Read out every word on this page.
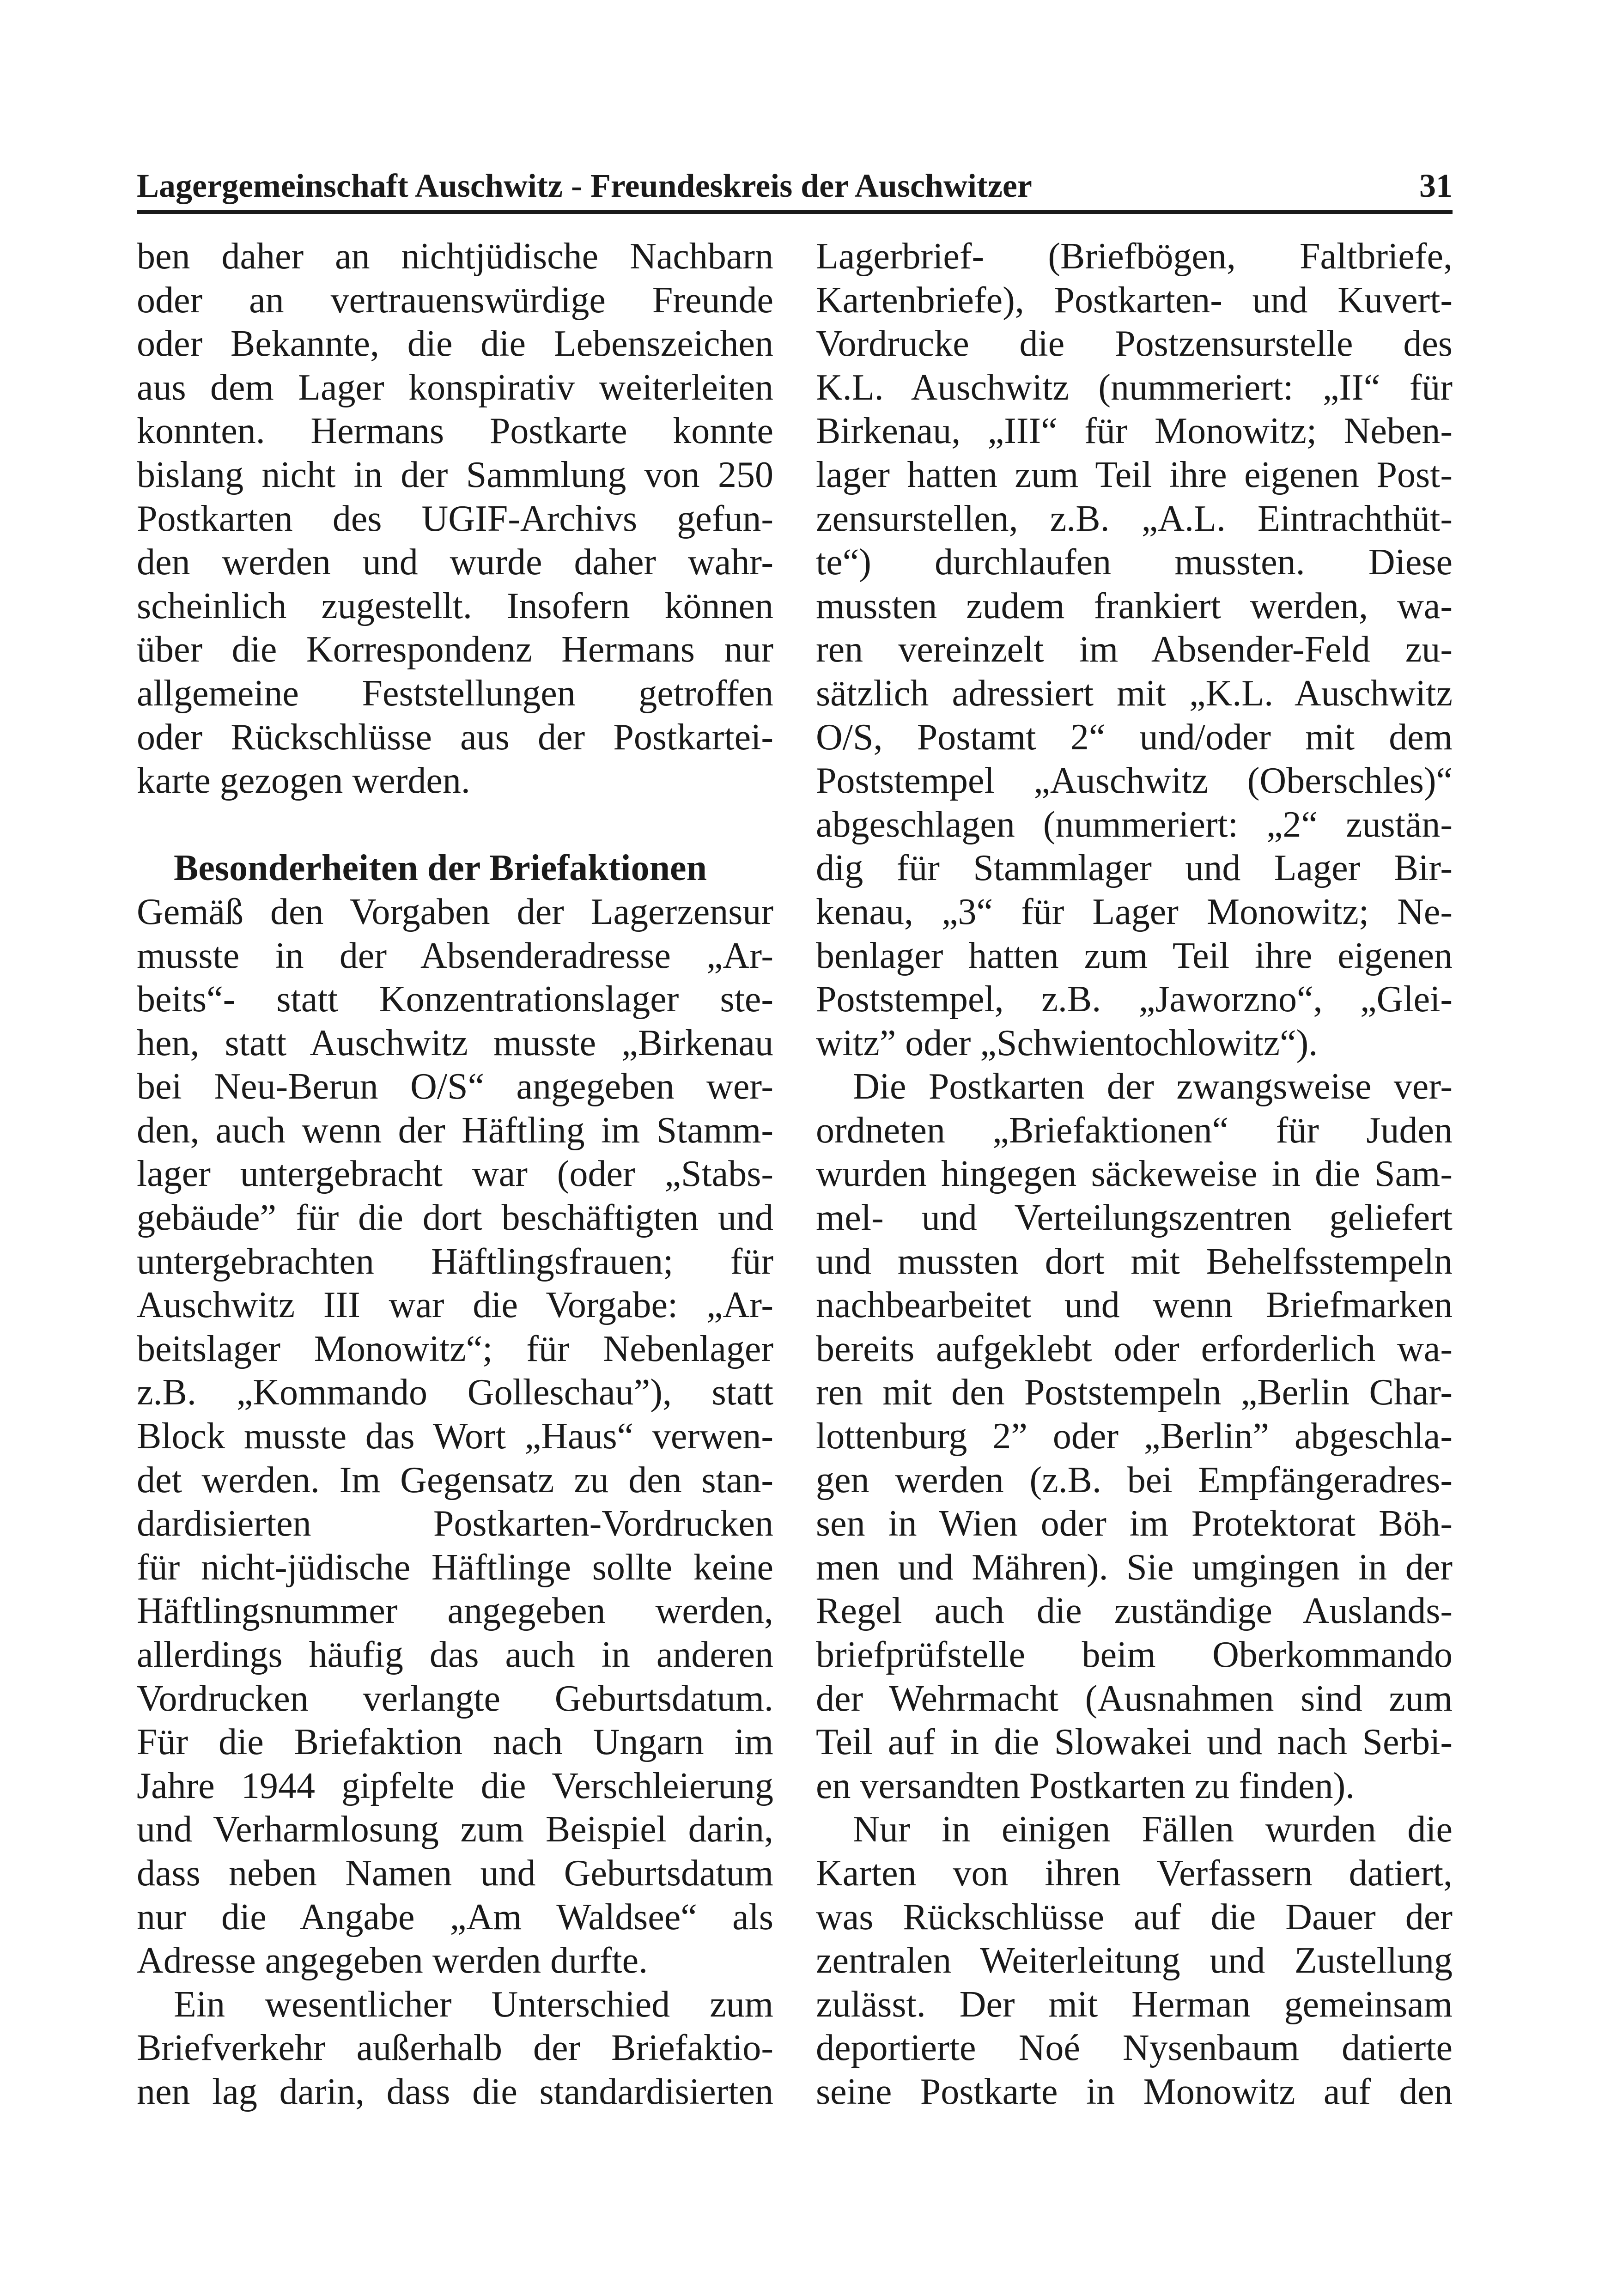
Lagergemeinschaft Auschwitz - Freundeskreis der Auschwitzer	31
ben daher an nichtjüdische Nachbarn
oder an vertrauenswürdige Freunde
oder Bekannte, die die Lebenszeichen
aus dem Lager konspirativ weiterleiten
konnten. Hermans Postkarte konnte
bislang nicht in der Sammlung von 250
Postkarten des UGIF-Archivs gefun-
den werden und wurde daher wahr-
scheinlich zugestellt. Insofern können
über die Korrespondenz Hermans nur
allgemeine Feststellungen getroffen
oder Rückschlüsse aus der Postkartei-
karte gezogen werden.
Besonderheiten der Briefaktionen
Gemäß den Vorgaben der Lagerzensur
musste in der Absenderadresse „Ar-
beits“- statt Konzentrationslager ste-
hen, statt Auschwitz musste „Birkenau
bei Neu-Berun O/S“ angegeben wer-
den, auch wenn der Häftling im Stamm-
lager untergebracht war (oder „Stabs-
gebäude” für die dort beschäftigten und
untergebrachten Häftlingsfrauen; für
Auschwitz III war die Vorgabe: „Ar-
beitslager Monowitz“; für Nebenlager
z.B. „Kommando Golleschau”), statt
Block musste das Wort „Haus“ verwen-
det werden. Im Gegensatz zu den stan-
dardisierten Postkarten-Vordrucken
für nicht-jüdische Häftlinge sollte keine
Häftlingsnummer angegeben werden,
allerdings häufig das auch in anderen
Vordrucken verlangte Geburtsdatum.
Für die Briefaktion nach Ungarn im
Jahre 1944 gipfelte die Verschleierung
und Verharmlosung zum Beispiel darin,
dass neben Namen und Geburtsdatum
nur die Angabe „Am Waldsee“ als
Adresse angegeben werden durfte.
Ein wesentlicher Unterschied zum
Briefverkehr außerhalb der Briefaktio-
nen lag darin, dass die standardisierten
Lagerbrief- (Briefbögen, Faltbriefe,
Kartenbriefe), Postkarten- und Kuvert-
Vordrucke die Postzensurstelle des
K.L. Auschwitz (nummeriert: „II“ für
Birkenau, „III“ für Monowitz; Neben-
lager hatten zum Teil ihre eigenen Post-
zensurstellen, z.B. „A.L. Eintrachthüt-
te“) durchlaufen mussten. Diese
mussten zudem frankiert werden, wa-
ren vereinzelt im Absender-Feld zu-
sätzlich adressiert mit „K.L. Auschwitz
O/S, Postamt 2“ und/oder mit dem
Poststempel „Auschwitz (Oberschles)“
abgeschlagen (nummeriert: „2“ zustän-
dig für Stammlager und Lager Bir-
kenau, „3“ für Lager Monowitz; Ne-
benlager hatten zum Teil ihre eigenen
Poststempel, z.B. „Jaworzno“, „Glei-
witz” oder „Schwientochlowitz“).
Die Postkarten der zwangsweise ver-
ordneten „Briefaktionen“ für Juden
wurden hingegen säckeweise in die Sam-
mel- und Verteilungszentren geliefert
und mussten dort mit Behelfsstempeln
nachbearbeitet und wenn Briefmarken
bereits aufgeklebt oder erforderlich wa-
ren mit den Poststempeln „Berlin Char-
lottenburg 2” oder „Berlin” abgeschla-
gen werden (z.B. bei Empfängeradres-
sen in Wien oder im Protektorat Böh-
men und Mähren). Sie umgingen in der
Regel auch die zuständige Auslands-
briefprüfstelle beim Oberkommando
der Wehrmacht (Ausnahmen sind zum
Teil auf in die Slowakei und nach Serbi-
en versandten Postkarten zu finden).
Nur in einigen Fällen wurden die
Karten von ihren Verfassern datiert,
was Rückschlüsse auf die Dauer der
zentralen Weiterleitung und Zustellung
zulässt. Der mit Herman gemeinsam
deportierte Noé Nysenbaum datierte
seine Postkarte in Monowitz auf den
